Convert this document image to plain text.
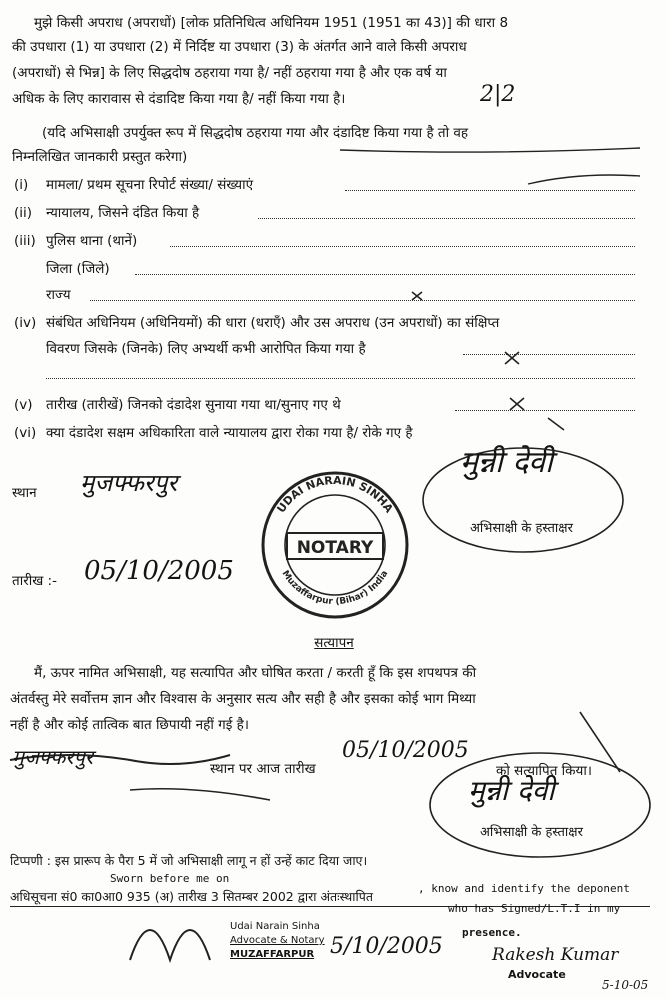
मुझे किसी अपराध (अपराधों) [लोक प्रतिनिधित्व अधिनियम 1951 (1951 का 43)] की धारा 8
की उपधारा (1) या उपधारा (2) में निर्दिष्ट या उपधारा (3) के अंतर्गत आने वाले किसी अपराध
(अपराधों) से भिन्न] के लिए सिद्धदोष ठहराया गया है/ नहीं ठहराया गया है और एक वर्ष या
अधिक के लिए कारावास से दंडादिष्ट किया गया है/ नहीं किया गया है।	2|2
(यदि अभिसाक्षी उपर्युक्त रूप में सिद्धदोष ठहराया गया और दंडादिष्ट किया गया है तो वह
निम्नलिखित जानकारी प्रस्तुत करेगा)
(i) मामला/ प्रथम सूचना रिपोर्ट संख्या/ संख्याएं
(ii) न्यायालय, जिसने दंडित किया है
(iii) पुलिस थाना (थानें)
जिला (जिले)
राज्य
(iv) संबंधित अधिनियम (अधिनियमों) की धारा (धराएँ) और उस अपराध (उन अपराधों) का संक्षिप्त
विवरण जिसके (जिनके) लिए अभ्यर्थी कभी आरोपित किया गया है
(v) तारीख (तारीखें) जिनको दंडादेश सुनाया गया था/सुनाए गए थे
(vi) क्या दंडादेश सक्षम अधिकारिता वाले न्यायालय द्वारा रोका गया है/ रोके गए है
स्थान मुजफ्फरपुर
तारीख :- 05/10/2005
मुन्नी देवी
अभिसाक्षी के हस्ताक्षर
UDAI NARAIN SINHA
Muzaffarpur (Bihar) India
NOTARY
सत्यापन
मैं, ऊपर नामित अभिसाक्षी, यह सत्यापित और घोषित करता / करती हूँ कि इस शपथपत्र की
अंतर्वस्तु मेरे सर्वोत्तम ज्ञान और विश्वास के अनुसार सत्य और सही है और इसका कोई भाग मिथ्या
नहीं है और कोई तात्विक बात छिपायी नहीं गई है।
मुजफ्फरपुर	स्थान पर आज तारीख
05/10/2005
को सत्यापित किया।
मुन्नी देवी
अभिसाक्षी के हस्ताक्षर
टिप्पणी : इस प्रारूप के पैरा 5 में जो अभिसाक्षी लागू न हों उन्हें काट दिया जाए।
अधिसूचना सं0 का0आ0 935 (अ) तारीख 3 सितम्बर 2002 द्वारा अंतःस्थापित
Sworn before me on
, know and identify the deponent
who has Signed/L.T.I in my
presence.
Udai Narain Sinha
Advocate & Notary
MUZAFFARPUR 5/10/2005	Rakesh Kumar
Advocate
5-10-05
